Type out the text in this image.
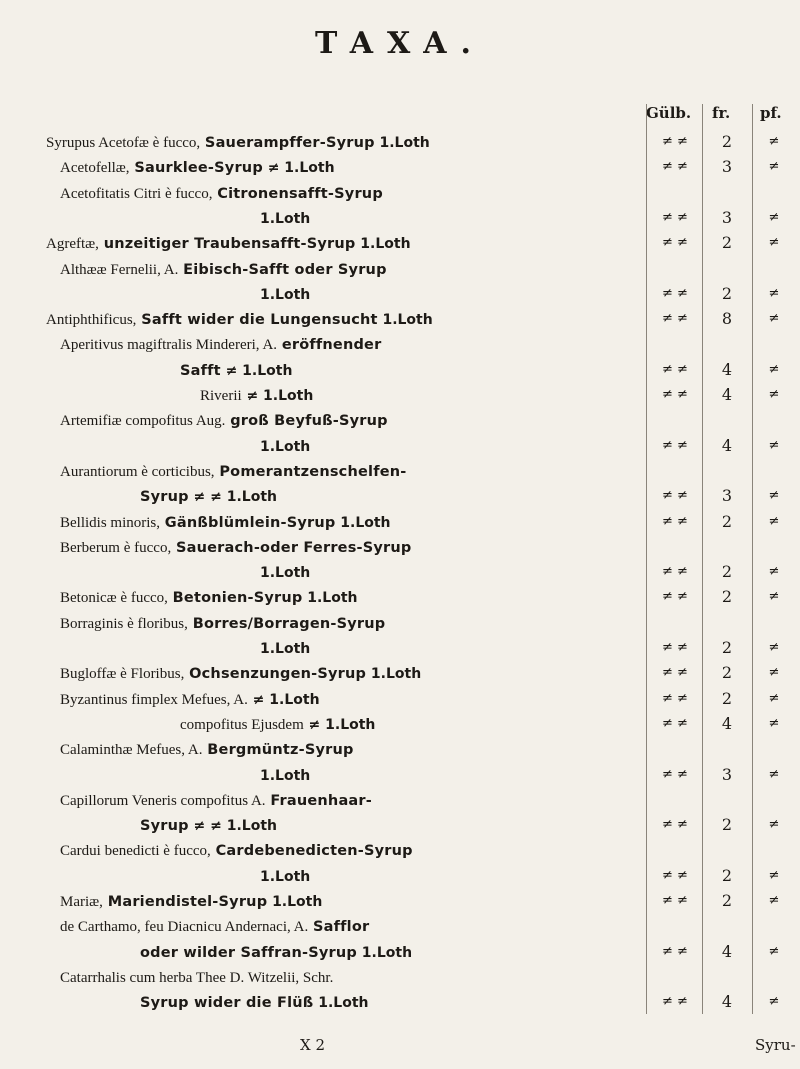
TAXA.
Gülb. fr. pf.
Syrupus Acetofæ è fucco, Sauerampffer-Syrup 1.Loth	≠ ≠	2	≠
Acetofellæ, Saurklee-Syrup ≠ 1.Loth	≠ ≠	3	≠
Acetofitatis Citri è fucco, Citronensafft-Syrup
1.Loth	≠ ≠	3	≠
Agreftæ, unzeitiger Traubensafft-Syrup 1.Loth	≠ ≠	2	≠
Althææ Fernelii, A. Eibisch-Safft oder Syrup
1.Loth	≠ ≠	2	≠
Antiphthificus, Safft wider die Lungensucht 1.Loth	≠ ≠	8	≠
Aperitivus magiftralis Mindereri, A. eröffnender
Safft ≠ 1.Loth	≠ ≠	4	≠
Riverii ≠ 1.Loth	≠ ≠	4	≠
Artemifiæ compofitus Aug. groß Beyfuß-Syrup
1.Loth	≠ ≠	4	≠
Aurantiorum è corticibus, Pomerantzenschelfen-
Syrup ≠ ≠ 1.Loth	≠ ≠	3	≠
Bellidis minoris, Gänßblümlein-Syrup 1.Loth	≠ ≠	2	≠
Berberum è fucco, Sauerach-oder Ferres-Syrup
1.Loth	≠ ≠	2	≠
Betonicæ è fucco, Betonien-Syrup 1.Loth	≠ ≠	2	≠
Borraginis è floribus, Borres/Borragen-Syrup
1.Loth	≠ ≠	2	≠
Bugloffæ è Floribus, Ochsenzungen-Syrup 1.Loth	≠ ≠	2	≠
Byzantinus fimplex Mefues, A. ≠ 1.Loth	≠ ≠	2	≠
compofitus Ejusdem ≠ 1.Loth	≠ ≠	4	≠
Calaminthæ Mefues, A. Bergmüntz-Syrup
1.Loth	≠ ≠	3	≠
Capillorum Veneris compofitus A. Frauenhaar-
Syrup ≠ ≠ 1.Loth	≠ ≠	2	≠
Cardui benedicti è fucco, Cardebenedicten-Syrup
1.Loth	≠ ≠	2	≠
Mariæ, Mariendistel-Syrup 1.Loth	≠ ≠	2	≠
de Carthamo, feu Diacnicu Andernaci, A. Safflor
oder wilder Saffran-Syrup 1.Loth	≠ ≠	4	≠
Catarrhalis cum herba Thee D. Witzelii, Schr.
Syrup wider die Flüß 1.Loth	≠ ≠	4	≠
X 2	Syru-
